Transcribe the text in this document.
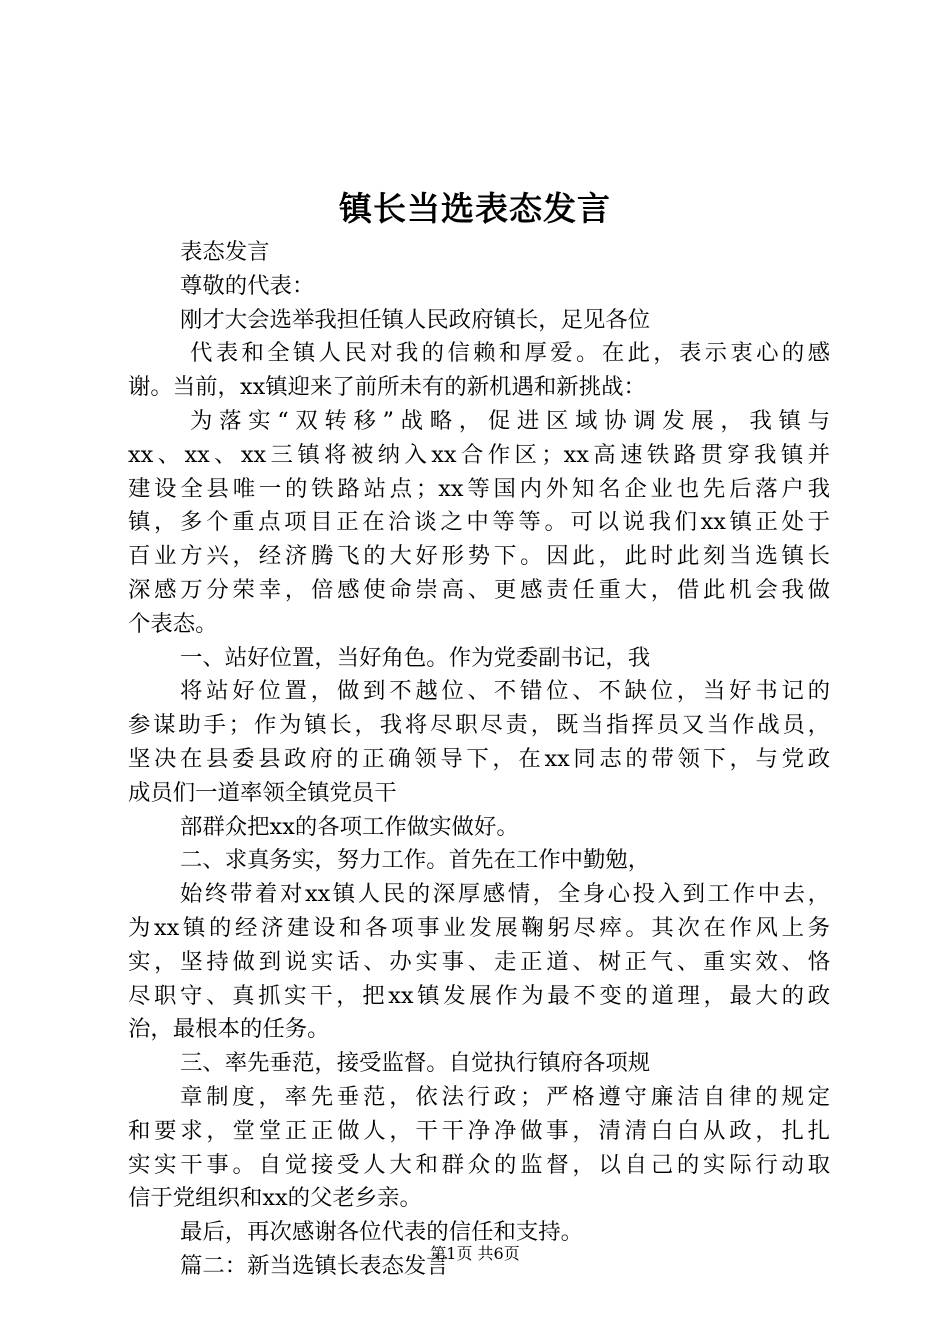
镇长当选表态发言
表态发言
尊敬的代表：
刚才大会选举我担任镇人民政府镇长，足见各位
代表和全镇人民对我的信赖和厚爱。在此，表示衷心的感
谢。当前，xx镇迎来了前所未有的新机遇和新挑战：
为落实“双转移”战略，促进区域协调发展，我镇与
xx、xx、xx三镇将被纳入xx合作区；xx高速铁路贯穿我镇并
建设全县唯一的铁路站点；xx等国内外知名企业也先后落户我
镇，多个重点项目正在洽谈之中等等。可以说我们xx镇正处于
百业方兴，经济腾飞的大好形势下。因此，此时此刻当选镇长
深感万分荣幸，倍感使命崇高、更感责任重大，借此机会我做
个表态。
一、站好位置，当好角色。作为党委副书记，我
将站好位置，做到不越位、不错位、不缺位，当好书记的
参谋助手；作为镇长，我将尽职尽责，既当指挥员又当作战员，
坚决在县委县政府的正确领导下，在xx同志的带领下，与党政
成员们一道率领全镇党员干
部群众把xx的各项工作做实做好。
二、求真务实，努力工作。首先在工作中勤勉，
始终带着对xx镇人民的深厚感情，全身心投入到工作中去，
为xx镇的经济建设和各项事业发展鞠躬尽瘁。其次在作风上务
实，坚持做到说实话、办实事、走正道、树正气、重实效、恪
尽职守、真抓实干，把xx镇发展作为最不变的道理，最大的政
治，最根本的任务。
三、率先垂范，接受监督。自觉执行镇府各项规
章制度，率先垂范，依法行政；严格遵守廉洁自律的规定
和要求，堂堂正正做人，干干净净做事，清清白白从政，扎扎
实实干事。自觉接受人大和群众的监督，以自己的实际行动取
信于党组织和xx的父老乡亲。
最后，再次感谢各位代表的信任和支持。
篇二：新当选镇长表态发言
第1页 共6页
